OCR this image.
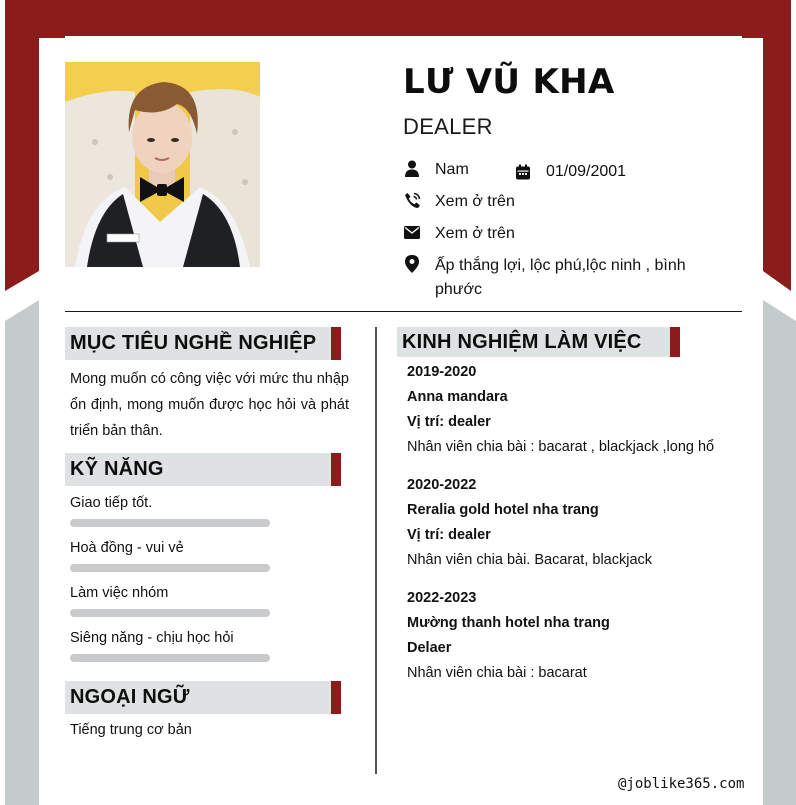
LƯ VŨ KHA
DEALER
Nam	01/09/2001
Xem ở trên
Xem ở trên
Ấp thắng lợi, lộc phú,lộc ninh , bình phước
MỤC TIÊU NGHỀ NGHIỆP
Mong muốn có công việc với mức thu nhập ổn định, mong muốn được học hỏi và phát triển bản thân.
KỸ NĂNG
Giao tiếp tốt.
Hoà đồng - vui vẻ
Làm việc nhóm
Siêng năng - chịu học hỏi
NGOẠI NGỮ
Tiếng trung cơ bản
KINH NGHIỆM LÀM VIỆC
2019-2020
Anna mandara
Vị trí: dealer
Nhân viên chia bài : bacarat , blackjack ,long hổ
2020-2022
Reralia gold hotel nha trang
Vị trí: dealer
Nhân viên chia bài. Bacarat, blackjack
2022-2023
Mường thanh hotel nha trang
Delaer
Nhân viên chia bài : bacarat
@joblike365.com
